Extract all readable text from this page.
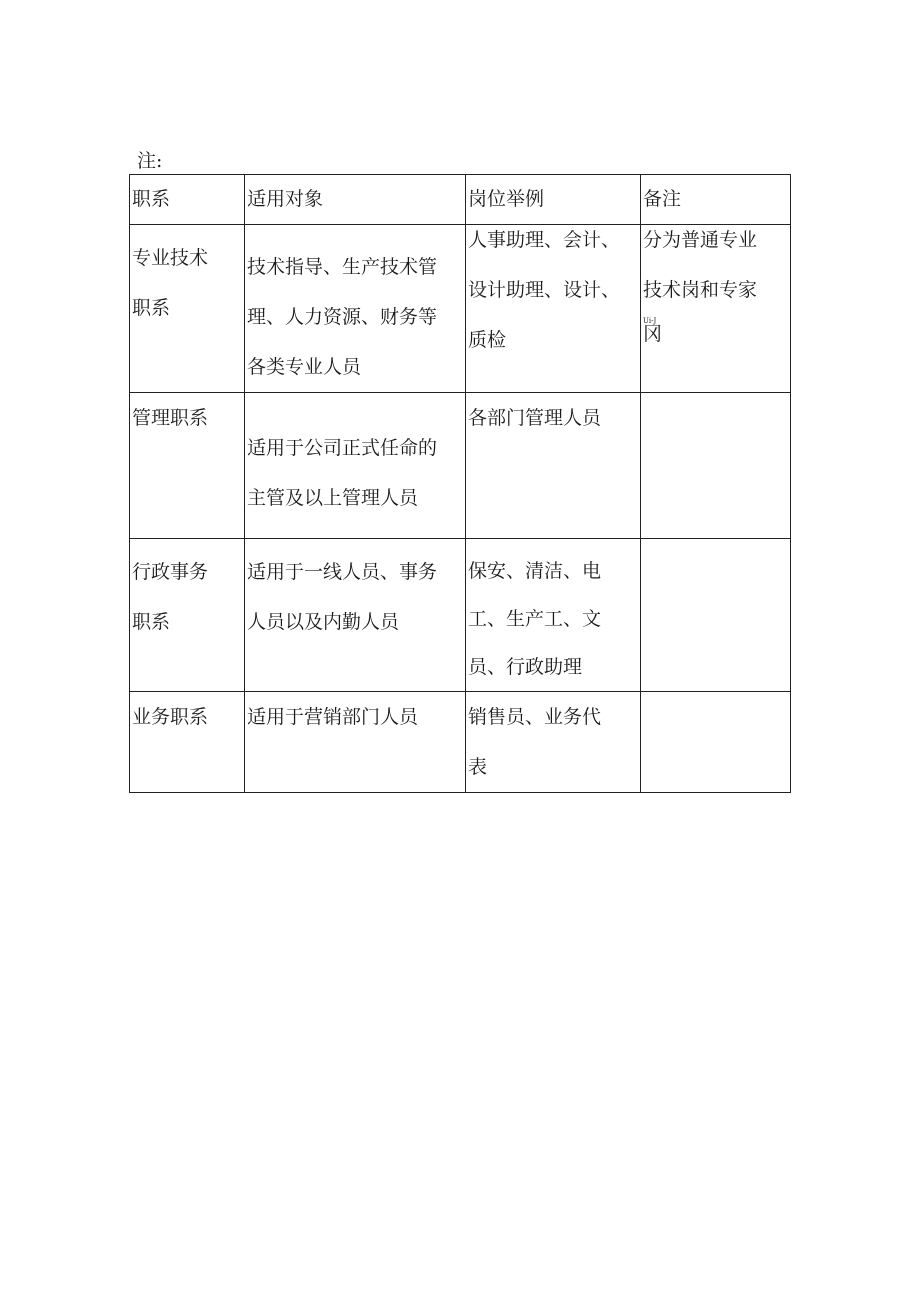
注:
职系	适用对象	岗位举例	备注

专业技术职系	技术指导、生产技术管理、人力资源、财务等各类专业人员	人事助理、会计、设计助理、设计、质检	分为普通专业技术岗和专家
Ui-J
冈

管理职系	适用于公司正式任命的主管及以上管理人员	各部门管理人员	

行政事务职系	适用于一线人员、事务人员以及内勤人员	保安、清洁、电工、生产工、文员、行政助理	

业务职系	适用于营销部门人员	销售员、业务代表	
